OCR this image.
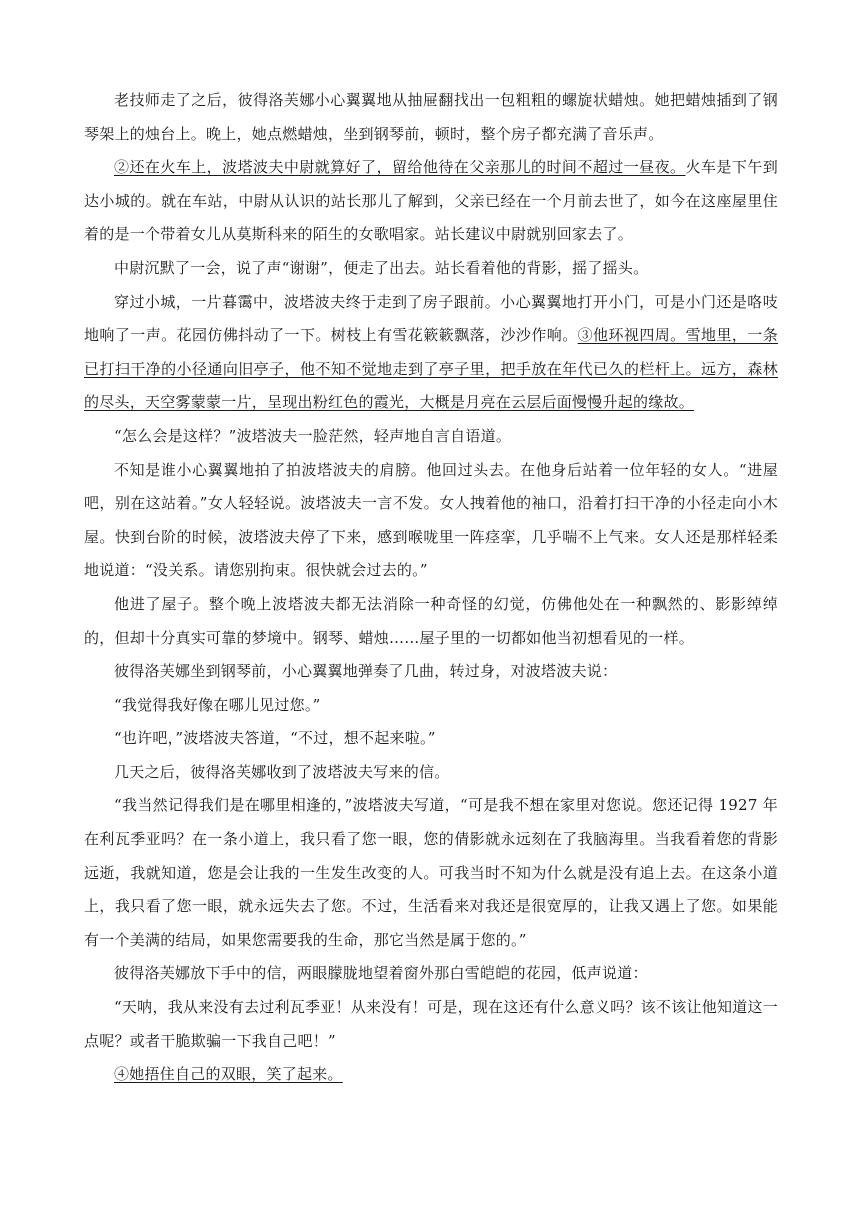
老技师走了之后，彼得洛芙娜小心翼翼地从抽屉翻找出一包粗粗的螺旋状蜡烛。她把蜡烛插到了钢琴架上的烛台上。晚上，她点燃蜡烛，坐到钢琴前，顿时，整个房子都充满了音乐声。

②还在火车上，波塔波夫中尉就算好了，留给他待在父亲那儿的时间不超过一昼夜。火车是下午到达小城的。就在车站，中尉从认识的站长那儿了解到，父亲已经在一个月前去世了，如今在这座屋里住着的是一个带着女儿从莫斯科来的陌生的女歌唱家。站长建议中尉就别回家去了。

中尉沉默了一会，说了声“谢谢”，便走了出去。站长看着他的背影，摇了摇头。

穿过小城，一片暮霭中，波塔波夫终于走到了房子跟前。小心翼翼地打开小门，可是小门还是咯吱地响了一声。花园仿佛抖动了一下。树枝上有雪花簌簌飘落，沙沙作响。③他环视四周。雪地里，一条已打扫干净的小径通向旧亭子，他不知不觉地走到了亭子里，把手放在年代已久的栏杆上。远方，森林的尽头，天空雾蒙蒙一片，呈现出粉红色的霞光，大概是月亮在云层后面慢慢升起的缘故。

“怎么会是这样？”波塔波夫一脸茫然，轻声地自言自语道。

不知是谁小心翼翼地拍了拍波塔波夫的肩膀。他回过头去。在他身后站着一位年轻的女人。“进屋吧，别在这站着。”女人轻轻说。波塔波夫一言不发。女人拽着他的袖口，沿着打扫干净的小径走向小木屋。快到台阶的时候，波塔波夫停了下来，感到喉咙里一阵痉挛，几乎喘不上气来。女人还是那样轻柔地说道：“没关系。请您别拘束。很快就会过去的。”

他进了屋子。整个晚上波塔波夫都无法消除一种奇怪的幻觉，仿佛他处在一种飘然的、影影绰绰的，但却十分真实可靠的梦境中。钢琴、蜡烛……屋子里的一切都如他当初想看见的一样。

彼得洛芙娜坐到钢琴前，小心翼翼地弹奏了几曲，转过身，对波塔波夫说：

“我觉得我好像在哪儿见过您。”

“也许吧，”波塔波夫答道，“不过，想不起来啦。”

几天之后，彼得洛芙娜收到了波塔波夫写来的信。

“我当然记得我们是在哪里相逢的，”波塔波夫写道，“可是我不想在家里对您说。您还记得 1927 年在利瓦季亚吗？在一条小道上，我只看了您一眼，您的倩影就永远刻在了我脑海里。当我看着您的背影远逝，我就知道，您是会让我的一生发生改变的人。可我当时不知为什么就是没有追上去。在这条小道上，我只看了您一眼，就永远失去了您。不过，生活看来对我还是很宽厚的，让我又遇上了您。如果能有一个美满的结局，如果您需要我的生命，那它当然是属于您的。”

彼得洛芙娜放下手中的信，两眼朦胧地望着窗外那白雪皑皑的花园，低声说道：

“天呐，我从来没有去过利瓦季亚！从来没有！可是，现在这还有什么意义吗？该不该让他知道这一点呢？或者干脆欺骗一下我自己吧！”

④她捂住自己的双眼，笑了起来。
